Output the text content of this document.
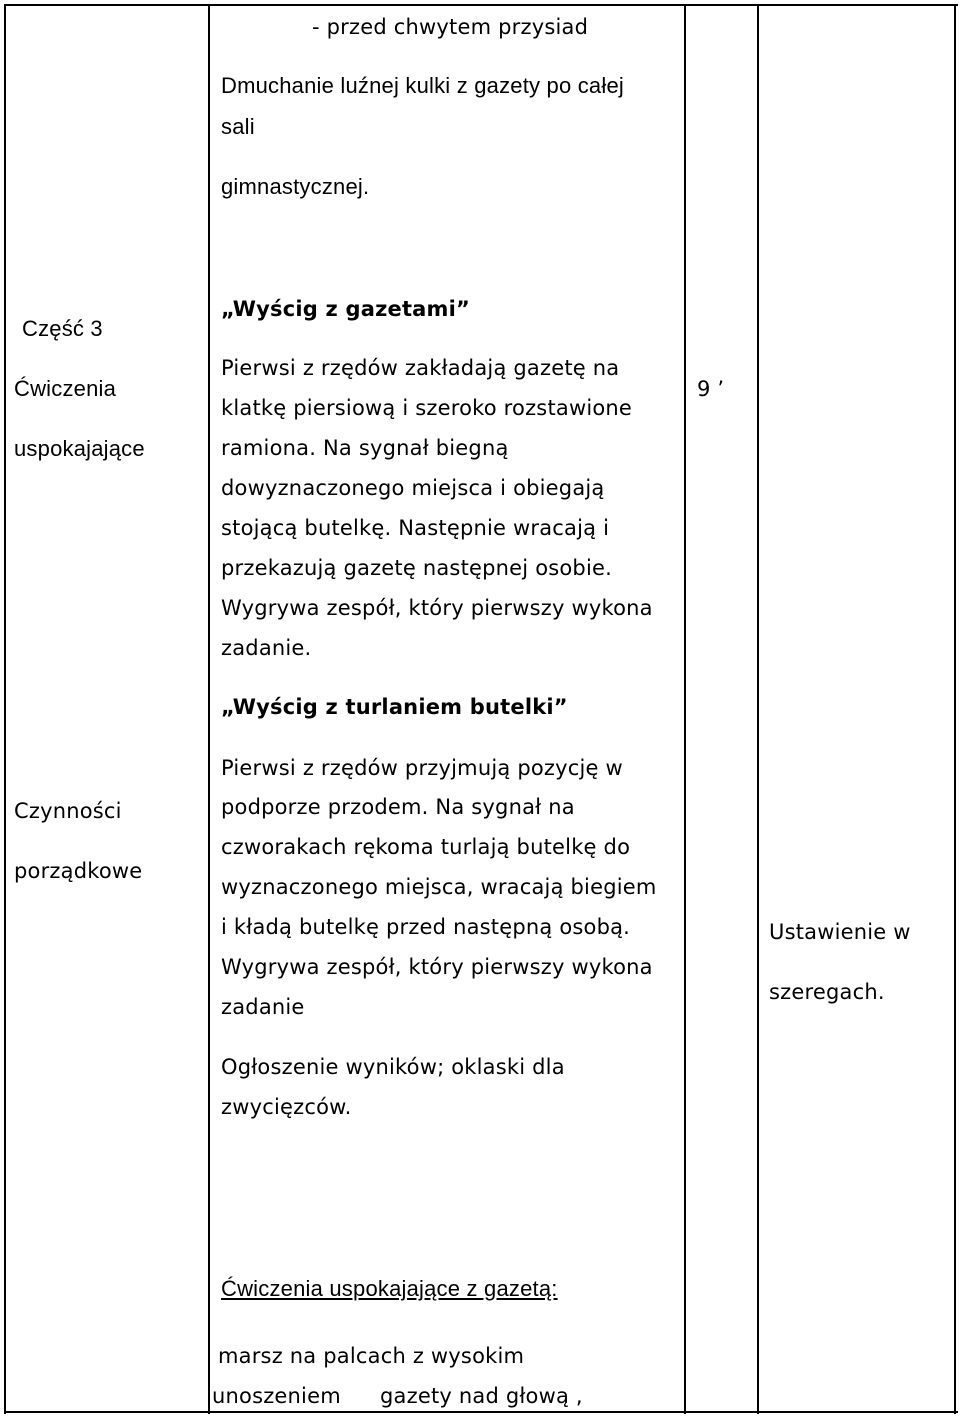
Część 3
Ćwiczenia
uspokajające
Czynności
porządkowe
- przed chwytem przysiad
Dmuchanie luźnej kulki z gazety po całej
sali
gimnastycznej.
„Wyścig z gazetami”
Pierwsi z rzędów zakładają gazetę na
klatkę piersiową i szeroko rozstawione
ramiona. Na sygnał biegną
dowyznaczonego miejsca i obiegają
stojącą butelkę. Następnie wracają i
przekazują gazetę następnej osobie.
Wygrywa zespół, który pierwszy wykona
zadanie.
„Wyścig z turlaniem butelki”
Pierwsi z rzędów przyjmują pozycję w
podporze przodem. Na sygnał na
czworakach rękoma turlają butelkę do
wyznaczonego miejsca, wracają biegiem
i kładą butelkę przed następną osobą.
Wygrywa zespół, który pierwszy wykona
zadanie
Ogłoszenie wyników; oklaski dla
zwycięzców.
Ćwiczenia uspokajające z gazetą:
marsz na palcach z wysokim
unoszeniem gazety nad głową ,
9 ’
Ustawienie w
szeregach.
